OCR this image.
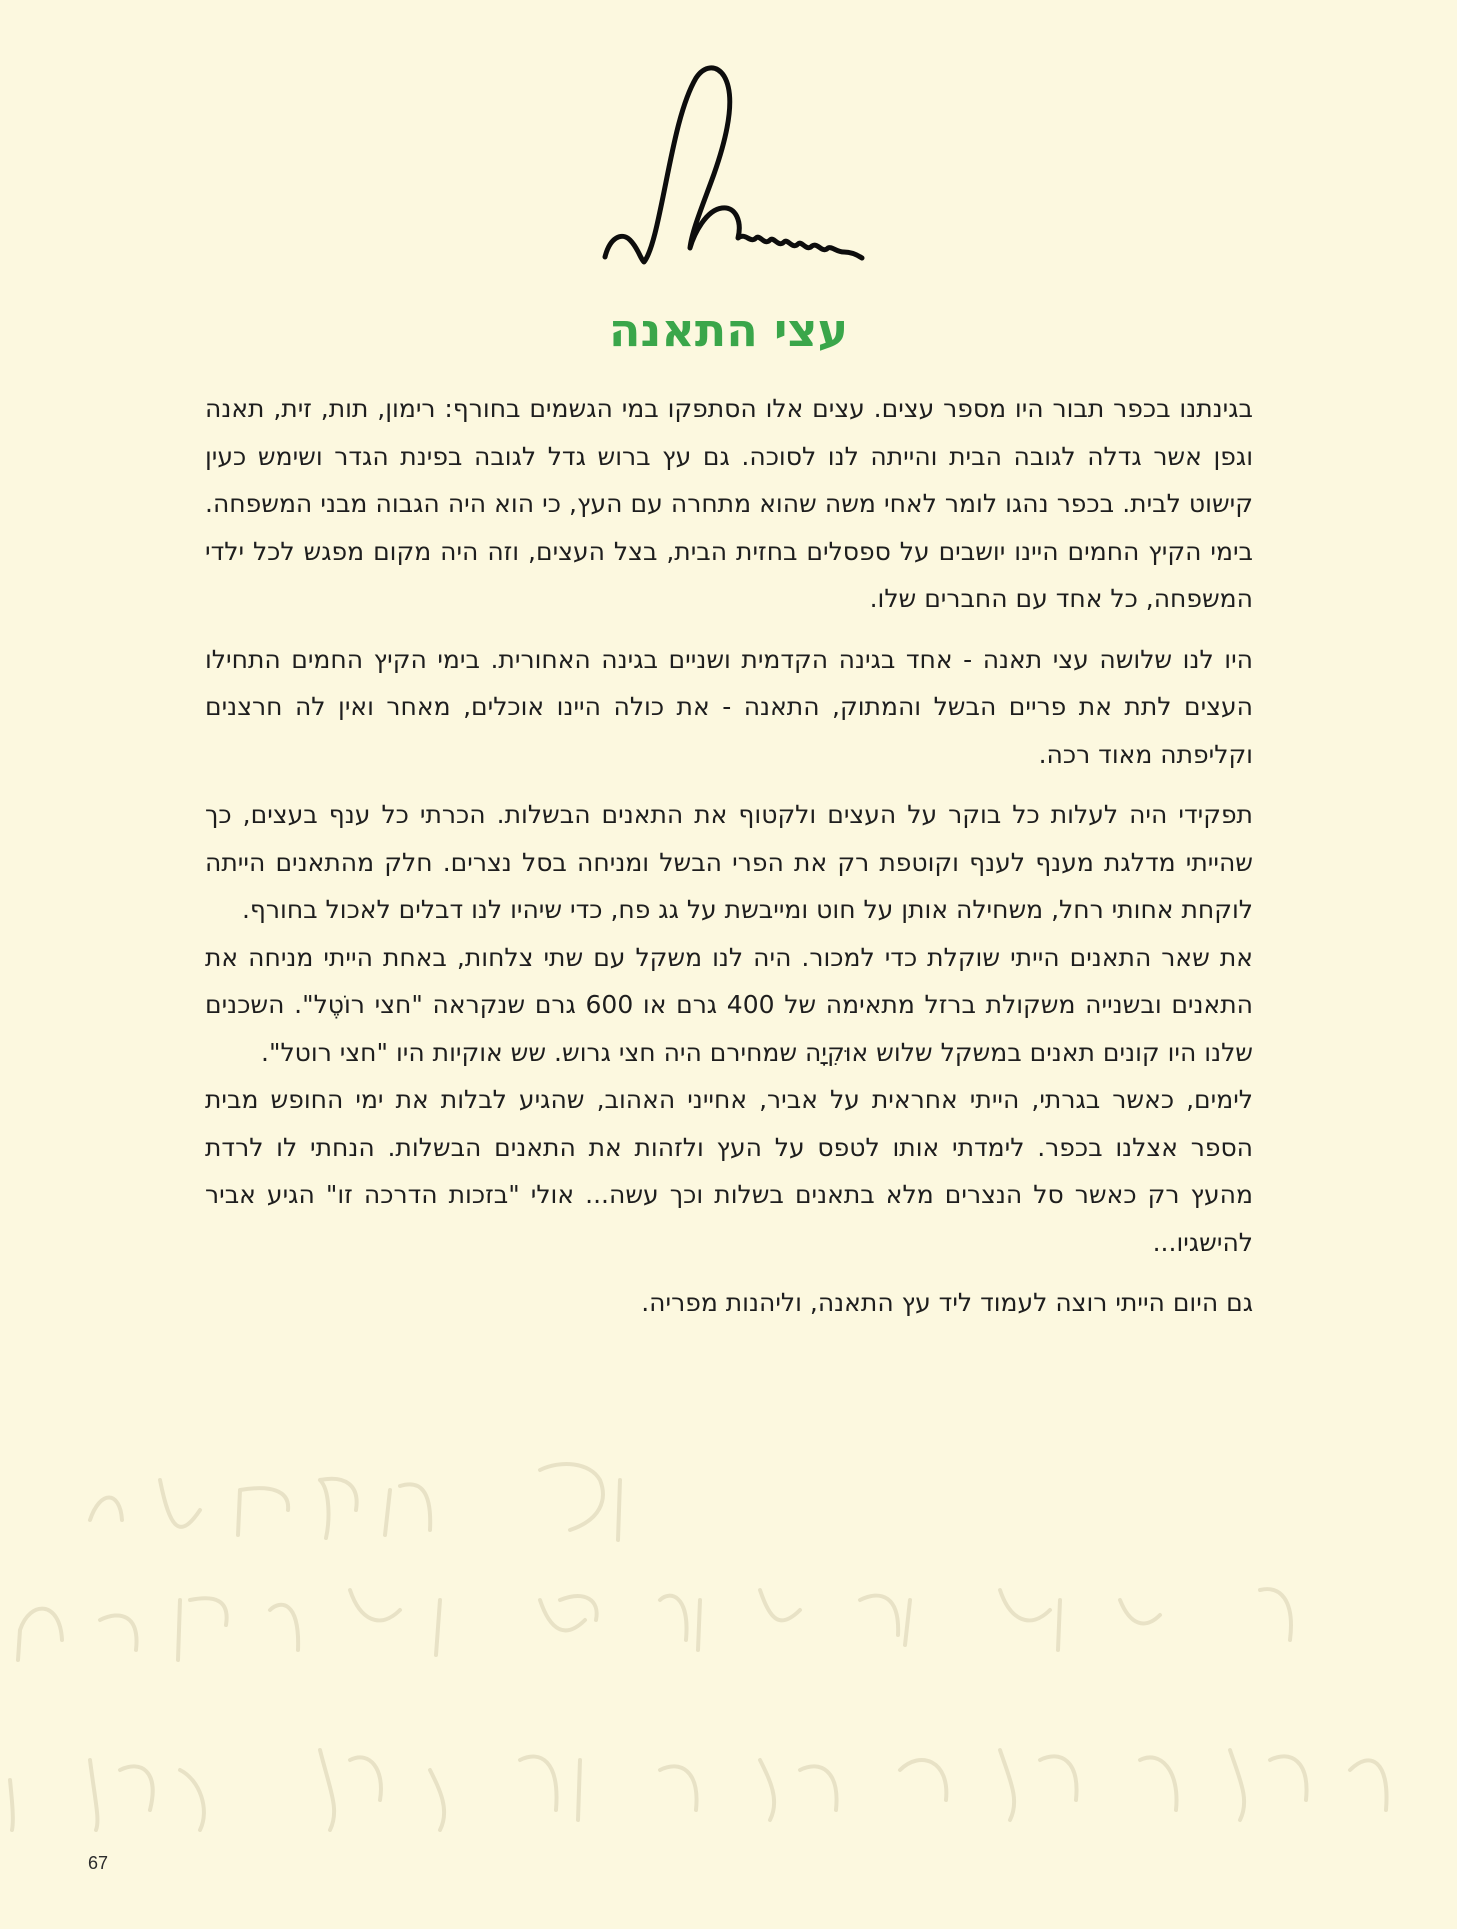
עצי התאנה

בגינתנו בכפר תבור היו מספר עצים. עצים אלו הסתפקו במי הגשמים בחורף: רימון, תות, זית, תאנה וגפן אשר גדלה לגובה הבית והייתה לנו לסוכה. גם עץ ברוש גדל לגובה בפינת הגדר ושימש כעין קישוט לבית. בכפר נהגו לומר לאחי משה שהוא מתחרה עם העץ, כי הוא היה הגבוה מבני המשפחה. בימי הקיץ החמים היינו יושבים על ספסלים בחזית הבית, בצל העצים, וזה היה מקום מפגש לכל ילדי המשפחה, כל אחד עם החברים שלו.

היו לנו שלושה עצי תאנה - אחד בגינה הקדמית ושניים בגינה האחורית. בימי הקיץ החמים התחילו העצים לתת את פריים הבשל והמתוק, התאנה - את כולה היינו אוכלים, מאחר ואין לה חרצנים וקליפתה מאוד רכה.

תפקידי היה לעלות כל בוקר על העצים ולקטוף את התאנים הבשלות. הכרתי כל ענף בעצים, כך שהייתי מדלגת מענף לענף וקוטפת רק את הפרי הבשל ומניחה בסל נצרים. חלק מהתאנים הייתה לוקחת אחותי רחל, משחילה אותן על חוט ומייבשת על גג פח, כדי שיהיו לנו דבלים לאכול בחורף.

את שאר התאנים הייתי שוקלת כדי למכור. היה לנו משקל עם שתי צלחות, באחת הייתי מניחה את התאנים ובשנייה משקולת ברזל מתאימה של 400 גרם או 600 גרם שנקראה "חצי רוֹטֶל". השכנים שלנו היו קונים תאנים במשקל שלוש אוּקִיָה שמחירם היה חצי גרוש. שש אוקיות היו "חצי רוטל".

לימים, כאשר בגרתי, הייתי אחראית על אביר, אחייני האהוב, שהגיע לבלות את ימי החופש מבית הספר אצלנו בכפר. לימדתי אותו לטפס על העץ ולזהות את התאנים הבשלות. הנחתי לו לרדת מהעץ רק כאשר סל הנצרים מלא בתאנים בשלות וכך עשה... אולי "בזכות הדרכה זו" הגיע אביר להישגיו...

גם היום הייתי רוצה לעמוד ליד עץ התאנה, וליהנות מפריה.

67
